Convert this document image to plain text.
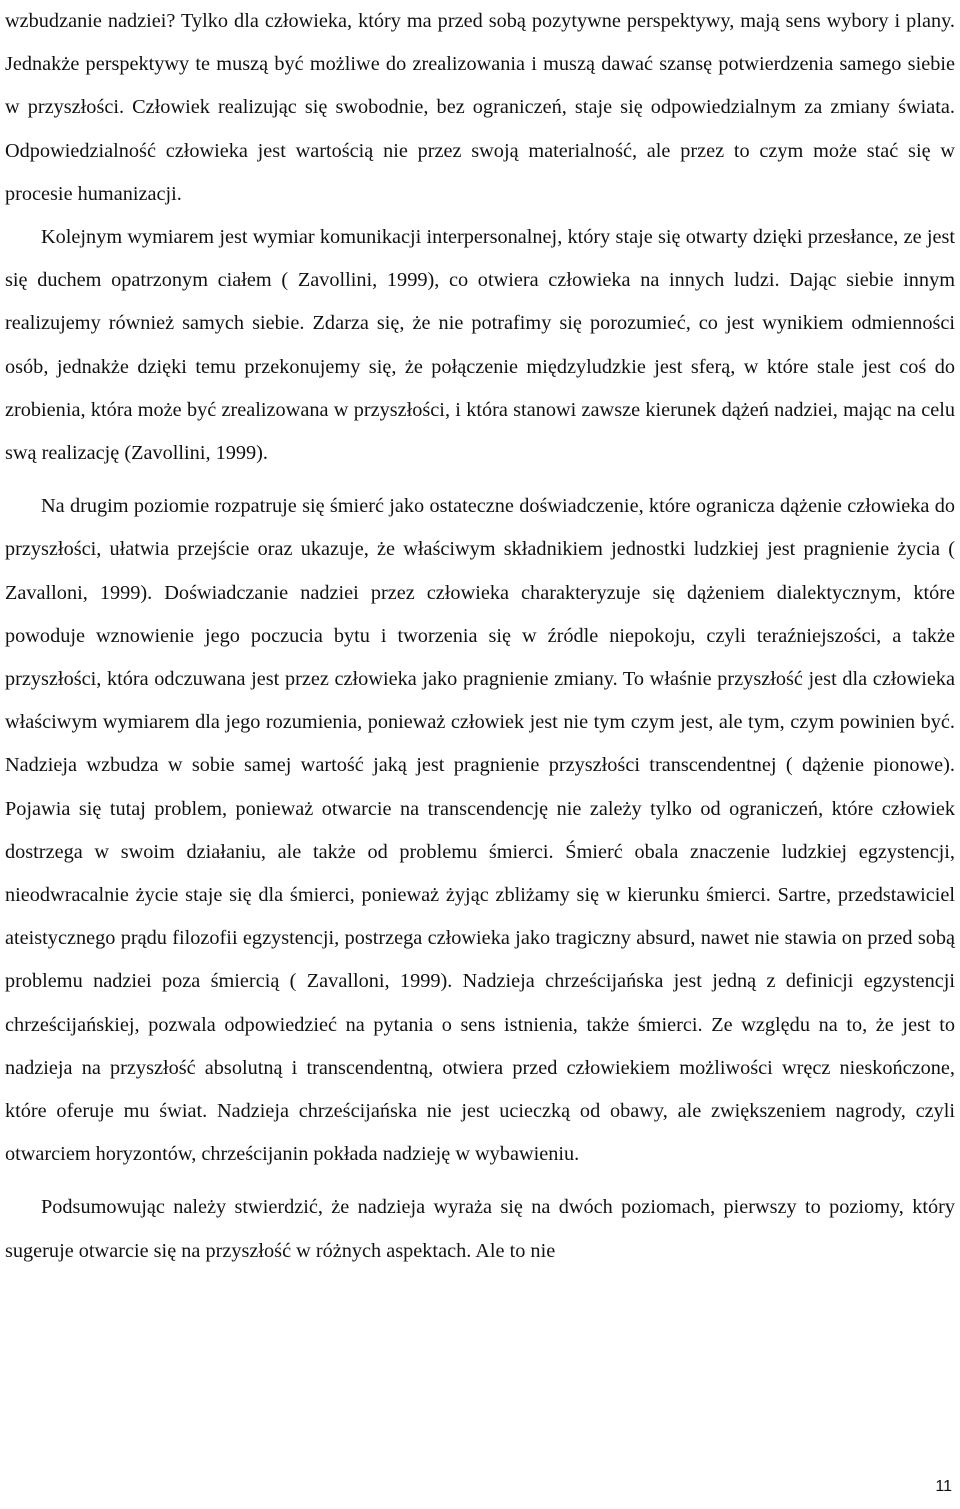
wzbudzanie nadziei? Tylko dla człowieka, który ma przed sobą pozytywne perspektywy, mają sens wybory i plany. Jednakże perspektywy te muszą być możliwe do zrealizowania i muszą dawać szansę potwierdzenia samego siebie w przyszłości. Człowiek realizując się swobodnie, bez ograniczeń, staje się odpowiedzialnym za zmiany świata. Odpowiedzialność człowieka jest wartością nie przez swoją materialność, ale przez to czym może stać się w procesie humanizacji.

Kolejnym wymiarem jest wymiar komunikacji interpersonalnej, który staje się otwarty dzięki przesłance, ze jest się duchem opatrzonym ciałem ( Zavollini, 1999), co otwiera człowieka na innych ludzi. Dając siebie innym realizujemy również samych siebie. Zdarza się, że nie potrafimy się porozumieć, co jest wynikiem odmienności osób, jednakże dzięki temu przekonujemy się, że połączenie międzyludzkie jest sferą, w które stale jest coś do zrobienia, która może być zrealizowana w przyszłości, i która stanowi zawsze kierunek dążeń nadziei, mając na celu swą realizację (Zavollini, 1999).

Na drugim poziomie rozpatruje się śmierć jako ostateczne doświadczenie, które ogranicza dążenie człowieka do przyszłości, ułatwia przejście oraz ukazuje, że właściwym składnikiem jednostki ludzkiej jest pragnienie życia ( Zavalloni, 1999). Doświadczanie nadziei przez człowieka charakteryzuje się dążeniem dialektycznym, które powoduje wznowienie jego poczucia bytu i tworzenia się w źródle niepokoju, czyli teraźniejszości, a także przyszłości, która odczuwana jest przez człowieka jako pragnienie zmiany. To właśnie przyszłość jest dla człowieka właściwym wymiarem dla jego rozumienia, ponieważ człowiek jest nie tym czym jest, ale tym, czym powinien być. Nadzieja wzbudza w sobie samej wartość jaką jest pragnienie przyszłości transcendentnej ( dążenie pionowe). Pojawia się tutaj problem, ponieważ otwarcie na transcendencję nie zależy tylko od ograniczeń, które człowiek dostrzega w swoim działaniu, ale także od problemu śmierci. Śmierć obala znaczenie ludzkiej egzystencji, nieodwracalnie życie staje się dla śmierci, ponieważ żyjąc zbliżamy się w kierunku śmierci. Sartre, przedstawiciel ateistycznego prądu filozofii egzystencji, postrzega człowieka jako tragiczny absurd, nawet nie stawia on przed sobą problemu nadziei poza śmiercią ( Zavalloni, 1999). Nadzieja chrześcijańska jest jedną z definicji egzystencji chrześcijańskiej, pozwala odpowiedzieć na pytania o sens istnienia, także śmierci. Ze względu na to, że jest to nadzieja na przyszłość absolutną i transcendentną, otwiera przed człowiekiem możliwości wręcz nieskończone, które oferuje mu świat. Nadzieja chrześcijańska nie jest ucieczką od obawy, ale zwiększeniem nagrody, czyli otwarciem horyzontów, chrześcijanin pokłada nadzieję w wybawieniu.

Podsumowując należy stwierdzić, że nadzieja wyraża się na dwóch poziomach, pierwszy to poziomy, który sugeruje otwarcie się na przyszłość w różnych aspektach. Ale to nie

11
